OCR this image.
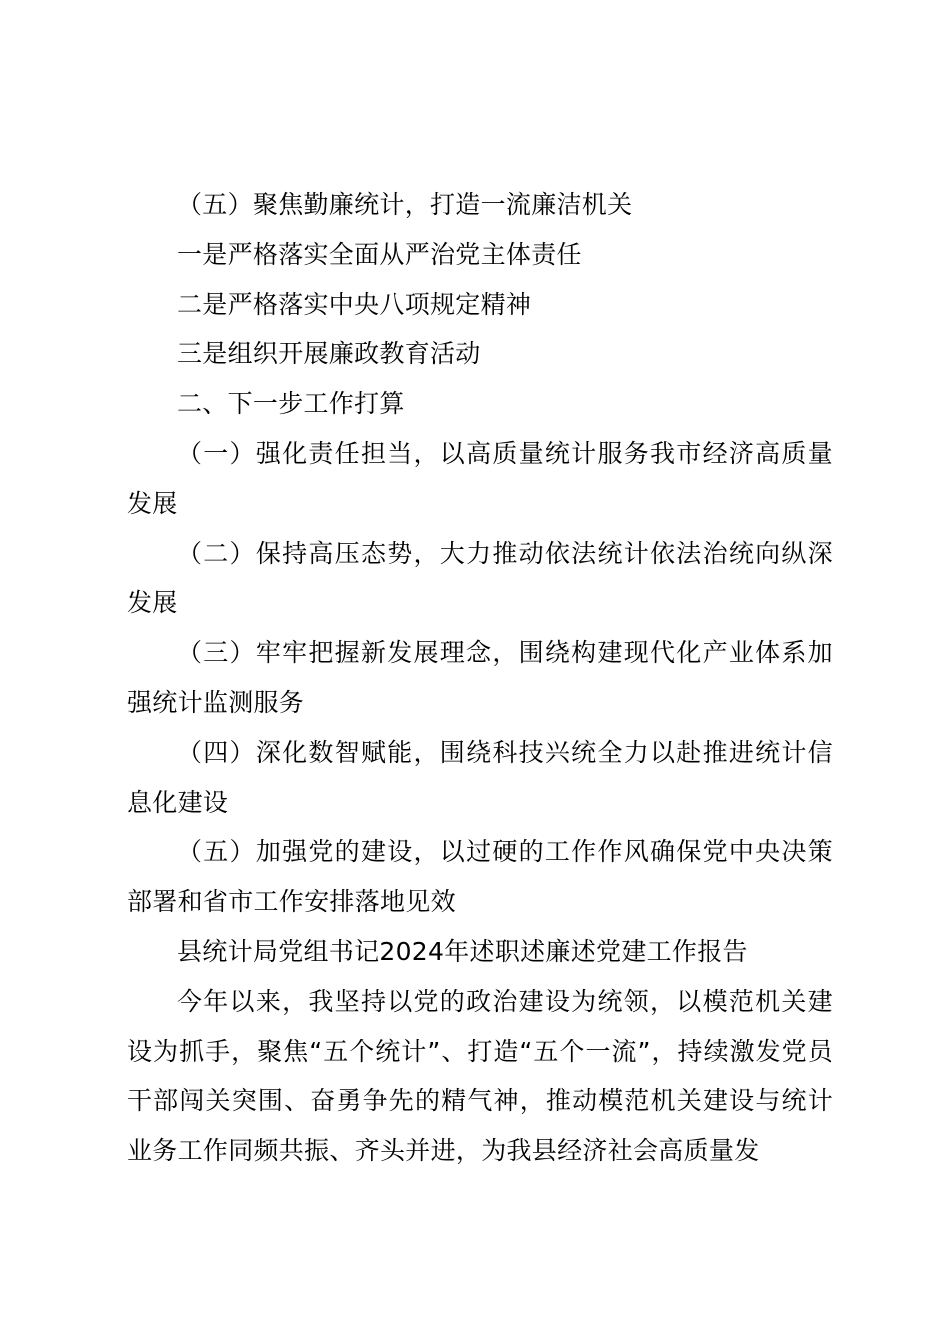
（五）聚焦勤廉统计，打造一流廉洁机关

一是严格落实全面从严治党主体责任

二是严格落实中央八项规定精神

三是组织开展廉政教育活动

二、下一步工作打算

（一）强化责任担当，以高质量统计服务我市经济高质量发展

（二）保持高压态势，大力推动依法统计依法治统向纵深发展

（三）牢牢把握新发展理念，围绕构建现代化产业体系加强统计监测服务

（四）深化数智赋能，围绕科技兴统全力以赴推进统计信息化建设

（五）加强党的建设，以过硬的工作作风确保党中央决策部署和省市工作安排落地见效

县统计局党组书记2024年述职述廉述党建工作报告

今年以来，我坚持以党的政治建设为统领，以模范机关建设为抓手，聚焦“五个统计”、打造“五个一流”，持续激发党员干部闯关突围、奋勇争先的精气神，推动模范机关建设与统计业务工作同频共振、齐头并进，为我县经济社会高质量发
